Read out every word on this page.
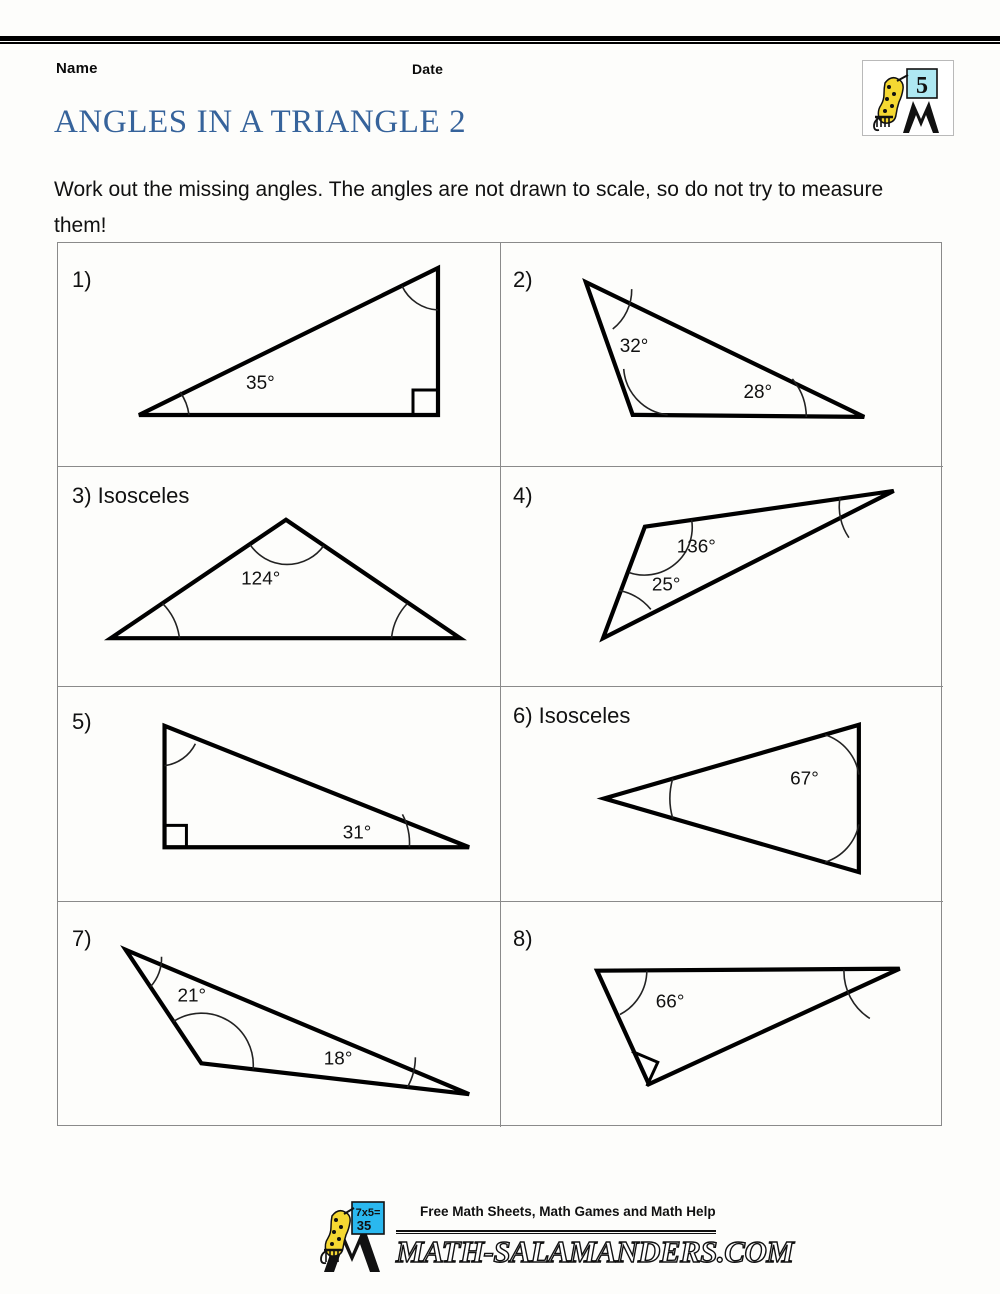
Name	Date
ANGLES IN A TRIANGLE 2
5
Work out the missing angles. The angles are not drawn to scale, so do not try to measure them!
1)
35°
2)
32°
28°
3) Isosceles
124°
4)
136°
25°
5)
31°
6) Isosceles
67°
7)
21°
18°
8)
66°
7x5=
35
Free Math Sheets, Math Games and Math Help
MATH-SALAMANDERS.COM
